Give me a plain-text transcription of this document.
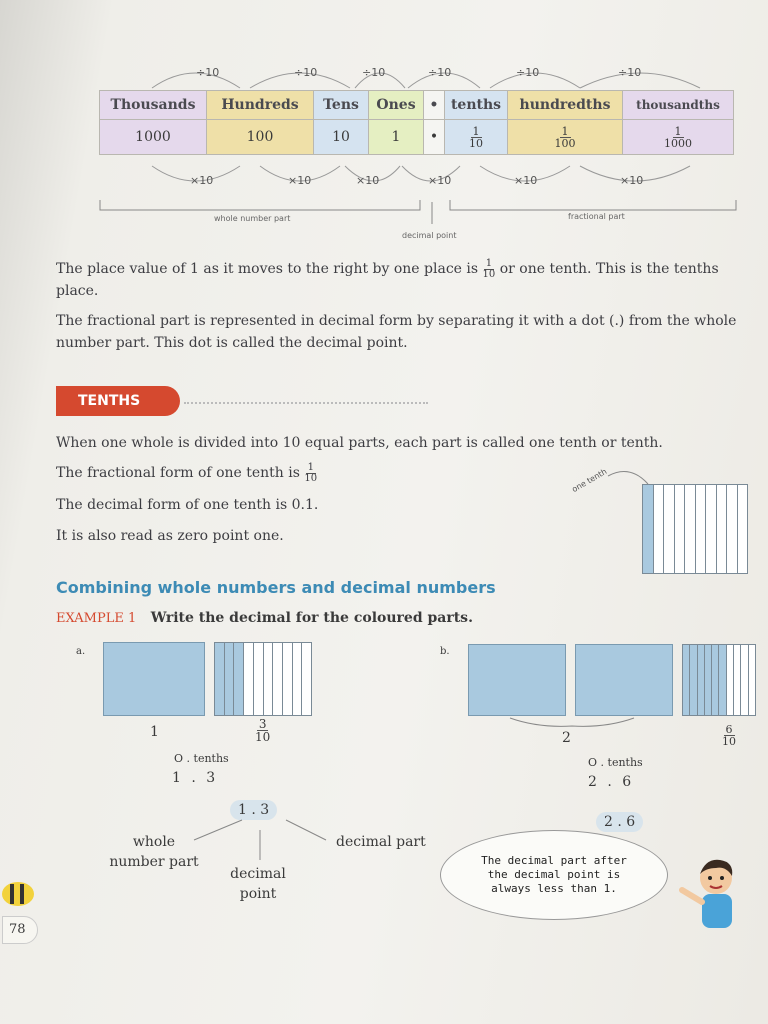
÷10	÷10	÷10	÷10	÷10	÷10
Thousands	Hundreds	Tens	Ones	•	tenths	hundredths	thousandths
1000	100	10	1	•	$\frac{1}{10}$	$\frac{1}{100}$	$\frac{1}{1000}$
×10	×10	×10	×10	×10	×10
whole number part	fractional part
decimal point

The place value of 1 as it moves to the right by one place is $\frac{1}{10}$ or one tenth. This is the tenths place.

The fractional part is represented in decimal form by separating it with a dot (.) from the whole number part. This dot is called the decimal point.

TENTHS

When one whole is divided into 10 equal parts, each part is called one tenth or tenth.

The fractional form of one tenth is $\frac{1}{10}$

The decimal form of one tenth is 0.1.

It is also read as zero point one.

one tenth
Combining whole numbers and decimal numbers
EXAMPLE 1 Write the decimal for the coloured parts.
a.
1	$\frac{3}{10}$
O . tenths
1 . 3
1 . 3
whole
number part
decimal
point
decimal part
b.
2	$\frac{6}{10}$
O . tenths
2 . 6
2 . 6
The decimal part after the decimal point is always less than 1.
78
